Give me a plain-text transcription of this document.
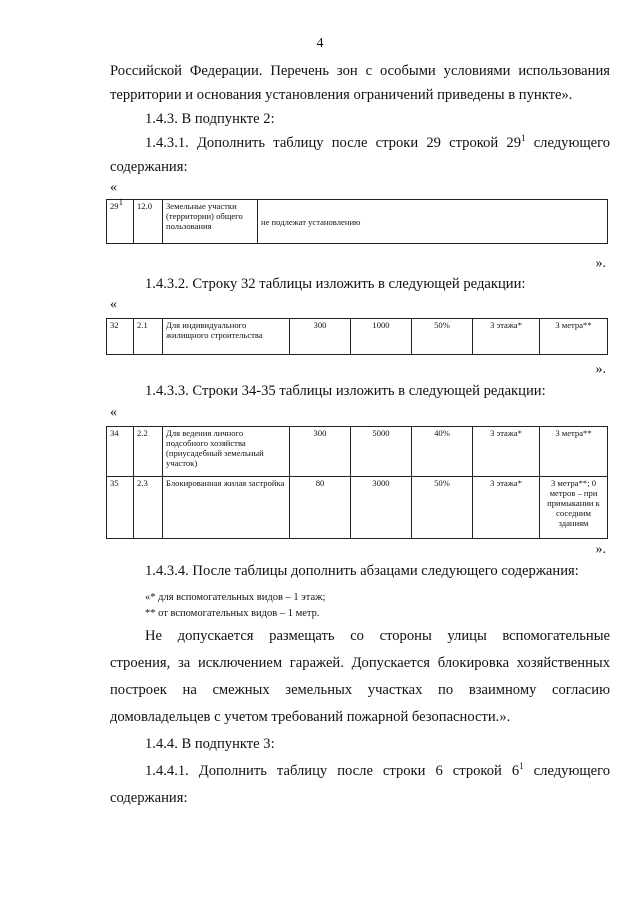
4
Российской Федерации. Перечень зон с особыми условиями использования
территории и основания установления ограничений приведены в пункте».
1.4.3. В подпункте 2:
1.4.3.1. Дополнить таблицу после строки 29 строкой $29^1$ следующего
содержания:
«
$29^1$	12.0	Земельные участки (территории) общего пользования	не подлежат установлению
».
1.4.3.2. Строку 32 таблицы изложить в следующей редакции:
«
32	2.1	Для индивидуального жилищного строительства	300	1000	50%	3 этажа*	3 метра**
».
1.4.3.3. Строки 34-35 таблицы изложить в следующей редакции:
«
34	2.2	Для ведения личного подсобного хозяйства (приусадебный земельный участок)	300	5000	40%	3 этажа*	3 метра**
35	2.3	Блокированная жилая застройка	80	3000	50%	3 этажа*	3 метра**; 0 метров – при примыкании к соседним зданиям
».
1.4.3.4. После таблицы дополнить абзацами следующего содержания:
«* для вспомогательных видов – 1 этаж;
** от вспомогательных видов – 1 метр.
Не допускается размещать со стороны улицы вспомогательные
строения, за исключением гаражей. Допускается блокировка хозяйственных
построек на смежных земельных участках по взаимному согласию
домовладельцев с учетом требований пожарной безопасности.».
1.4.4. В подпункте 3:
1.4.4.1. Дополнить таблицу после строки 6 строкой $6^1$ следующего
содержания:
